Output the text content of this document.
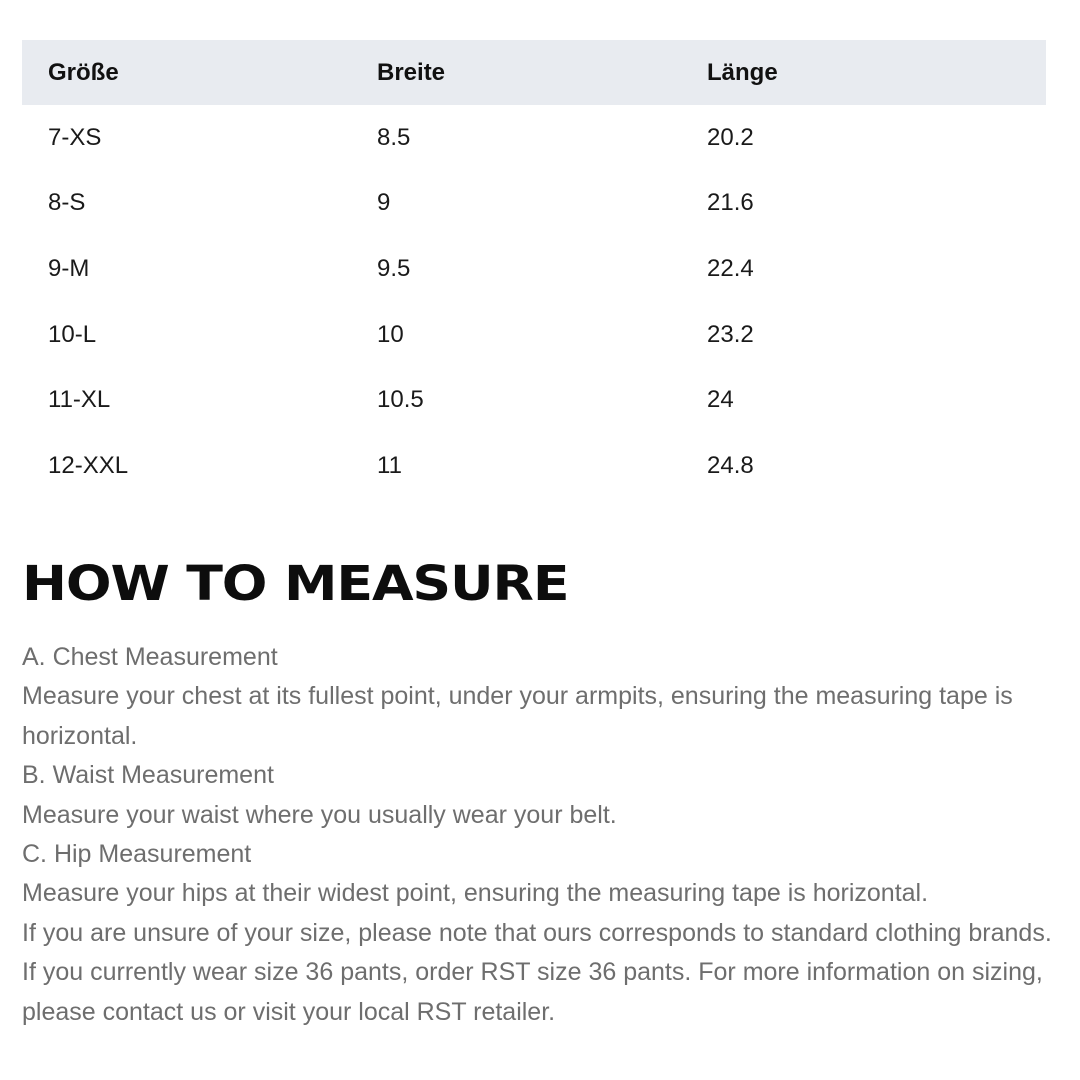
Größe	Breite	Länge
7-XS	8.5	20.2
8-S	9	21.6
9-M	9.5	22.4
10-L	10	23.2
11-XL	10.5	24
12-XXL	11	24.8
HOW TO MEASURE

A. Chest Measurement

Measure your chest at its fullest point, under your armpits, ensuring the measuring tape is horizontal.

B. Waist Measurement

Measure your waist where you usually wear your belt.

C. Hip Measurement

Measure your hips at their widest point, ensuring the measuring tape is horizontal.

If you are unsure of your size, please note that ours corresponds to standard clothing brands. If you currently wear size 36 pants, order RST size 36 pants. For more information on sizing, please contact us or visit your local RST retailer.
